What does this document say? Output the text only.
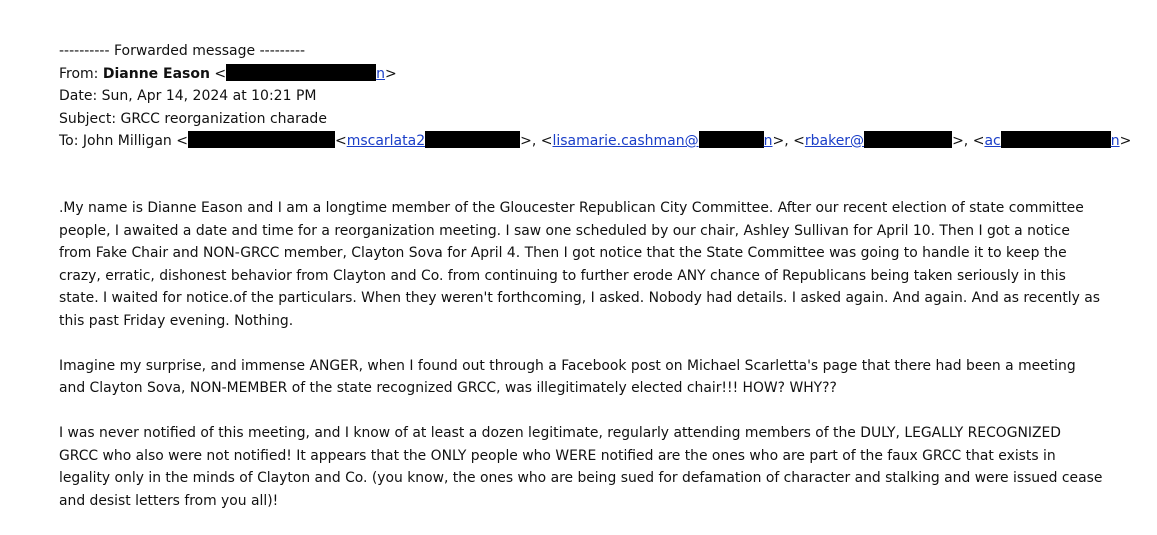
---------- Forwarded message ---------
From: Dianne Eason <	n>
Date: Sun, Apr 14, 2024 at 10:21 PM
Subject: GRCC reorganization charade
To: John Milligan <	<mscarlata2	>, <lisamarie.cashman@	n>, <rbaker@	>, <ac	n>

.My name is Dianne Eason and I am a longtime member of the Gloucester Republican City Committee. After our recent election of state committee people, I awaited a date and time for a reorganization meeting. I saw one scheduled by our chair, Ashley Sullivan for April 10. Then I got a notice from Fake Chair and NON-GRCC member, Clayton Sova for April 4. Then I got notice that the State Committee was going to handle it to keep the crazy, erratic, dishonest behavior from Clayton and Co. from continuing to further erode ANY chance of Republicans being taken seriously in this state. I waited for notice.of the particulars. When they weren't forthcoming, I asked. Nobody had details. I asked again. And again. And as recently as this past Friday evening. Nothing.

Imagine my surprise, and immense ANGER, when I found out through a Facebook post on Michael Scarletta's page that there had been a meeting and Clayton Sova, NON-MEMBER of the state recognized GRCC, was illegitimately elected chair!!! HOW? WHY??

I was never notified of this meeting, and I know of at least a dozen legitimate, regularly attending members of the DULY, LEGALLY RECOGNIZED GRCC who also were not notified! It appears that the ONLY people who WERE notified are the ones who are part of the faux GRCC that exists in legality only in the minds of Clayton and Co. (you know, the ones who are being sued for defamation of character and stalking and were issued cease and desist letters from you all)!
